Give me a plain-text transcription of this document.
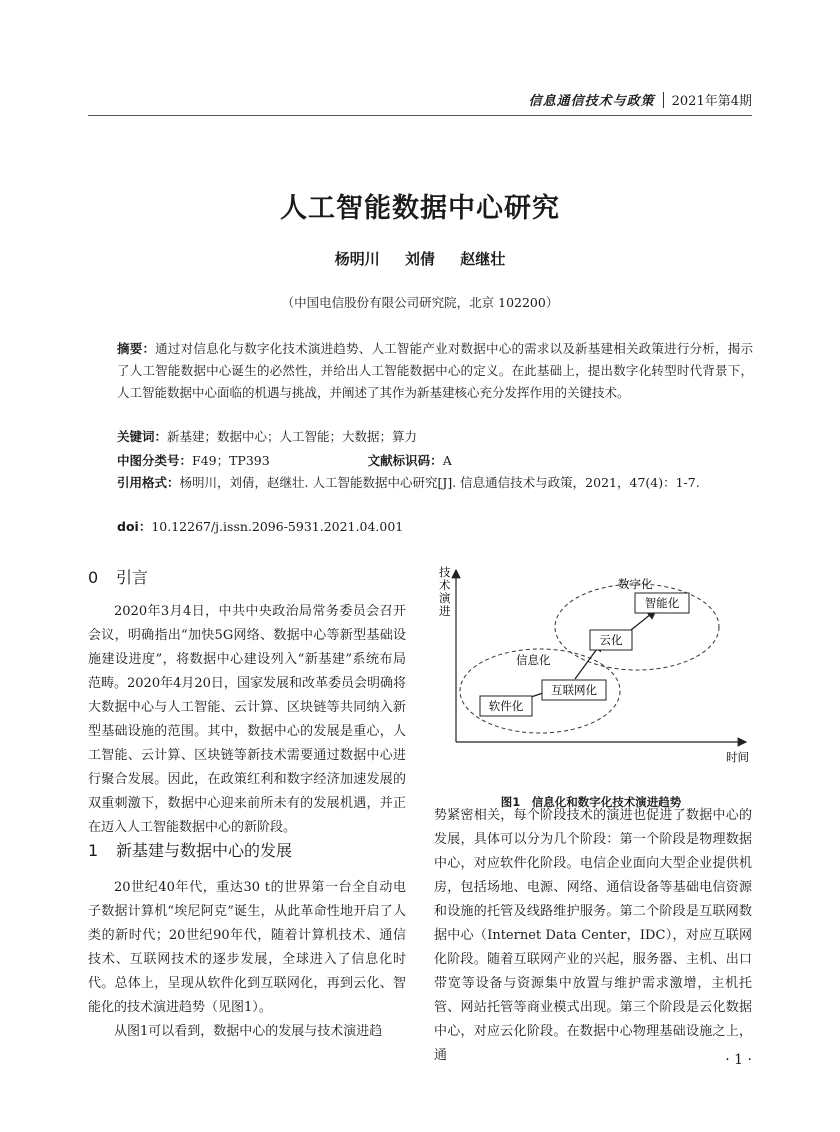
信息通信技术与政策 2021年第4期
人工智能数据中心研究
杨明川 刘倩 赵继壮
（中国电信股份有限公司研究院，北京 102200）
摘要：通过对信息化与数字化技术演进趋势、人工智能产业对数据中心的需求以及新基建相关政策进行分析，揭示了人工智能数据中心诞生的必然性，并给出人工智能数据中心的定义。在此基础上，提出数字化转型时代背景下，人工智能数据中心面临的机遇与挑战，并阐述了其作为新基建核心充分发挥作用的关键技术。
关键词：新基建；数据中心；人工智能；大数据；算力
中图分类号：F49；TP393	文献标识码：A
引用格式：杨明川，刘倩，赵继壮. 人工智能数据中心研究[J]. 信息通信技术与政策，2021，47(4)：1-7.
doi：10.12267/j.issn.2096-5931.2021.04.001
0 引言

2020年3月4日，中共中央政治局常务委员会召开会议，明确指出“加快5G网络、数据中心等新型基础设施建设进度”，将数据中心建设列入“新基建”系统布局范畴。2020年4月20日，国家发展和改革委员会明确将大数据中心与人工智能、云计算、区块链等共同纳入新型基础设施的范围。其中，数据中心的发展是重心，人工智能、云计算、区块链等新技术需要通过数据中心进行聚合发展。因此，在政策红利和数字经济加速发展的双重刺激下，数据中心迎来前所未有的发展机遇，并正在迈入人工智能数据中心的新阶段。

1 新基建与数据中心的发展

20世纪40年代，重达30 t的世界第一台全自动电子数据计算机“埃尼阿克”诞生，从此革命性地开启了人类的新时代；20世纪90年代，随着计算机技术、通信技术、互联网技术的逐步发展，全球进入了信息化时代。总体上，呈现从软件化到互联网化，再到云化、智能化的技术演进趋势（见图1）。

从图1可以看到，数据中心的发展与技术演进趋

技 术 演 进
时间
信息化
数字化
软件化
互联网化
云化
智能化
图1　信息化和数字化技术演进趋势

势紧密相关，每个阶段技术的演进也促进了数据中心的发展，具体可以分为几个阶段：第一个阶段是物理数据中心，对应软件化阶段。电信企业面向大型企业提供机房，包括场地、电源、网络、通信设备等基础电信资源和设施的托管及线路维护服务。第二个阶段是互联网数据中心（Internet Data Center，IDC），对应互联网化阶段。随着互联网产业的兴起，服务器、主机、出口带宽等设备与资源集中放置与维护需求激增，主机托管、网站托管等商业模式出现。第三个阶段是云化数据中心，对应云化阶段。在数据中心物理基础设施之上，通	· 1 ·
